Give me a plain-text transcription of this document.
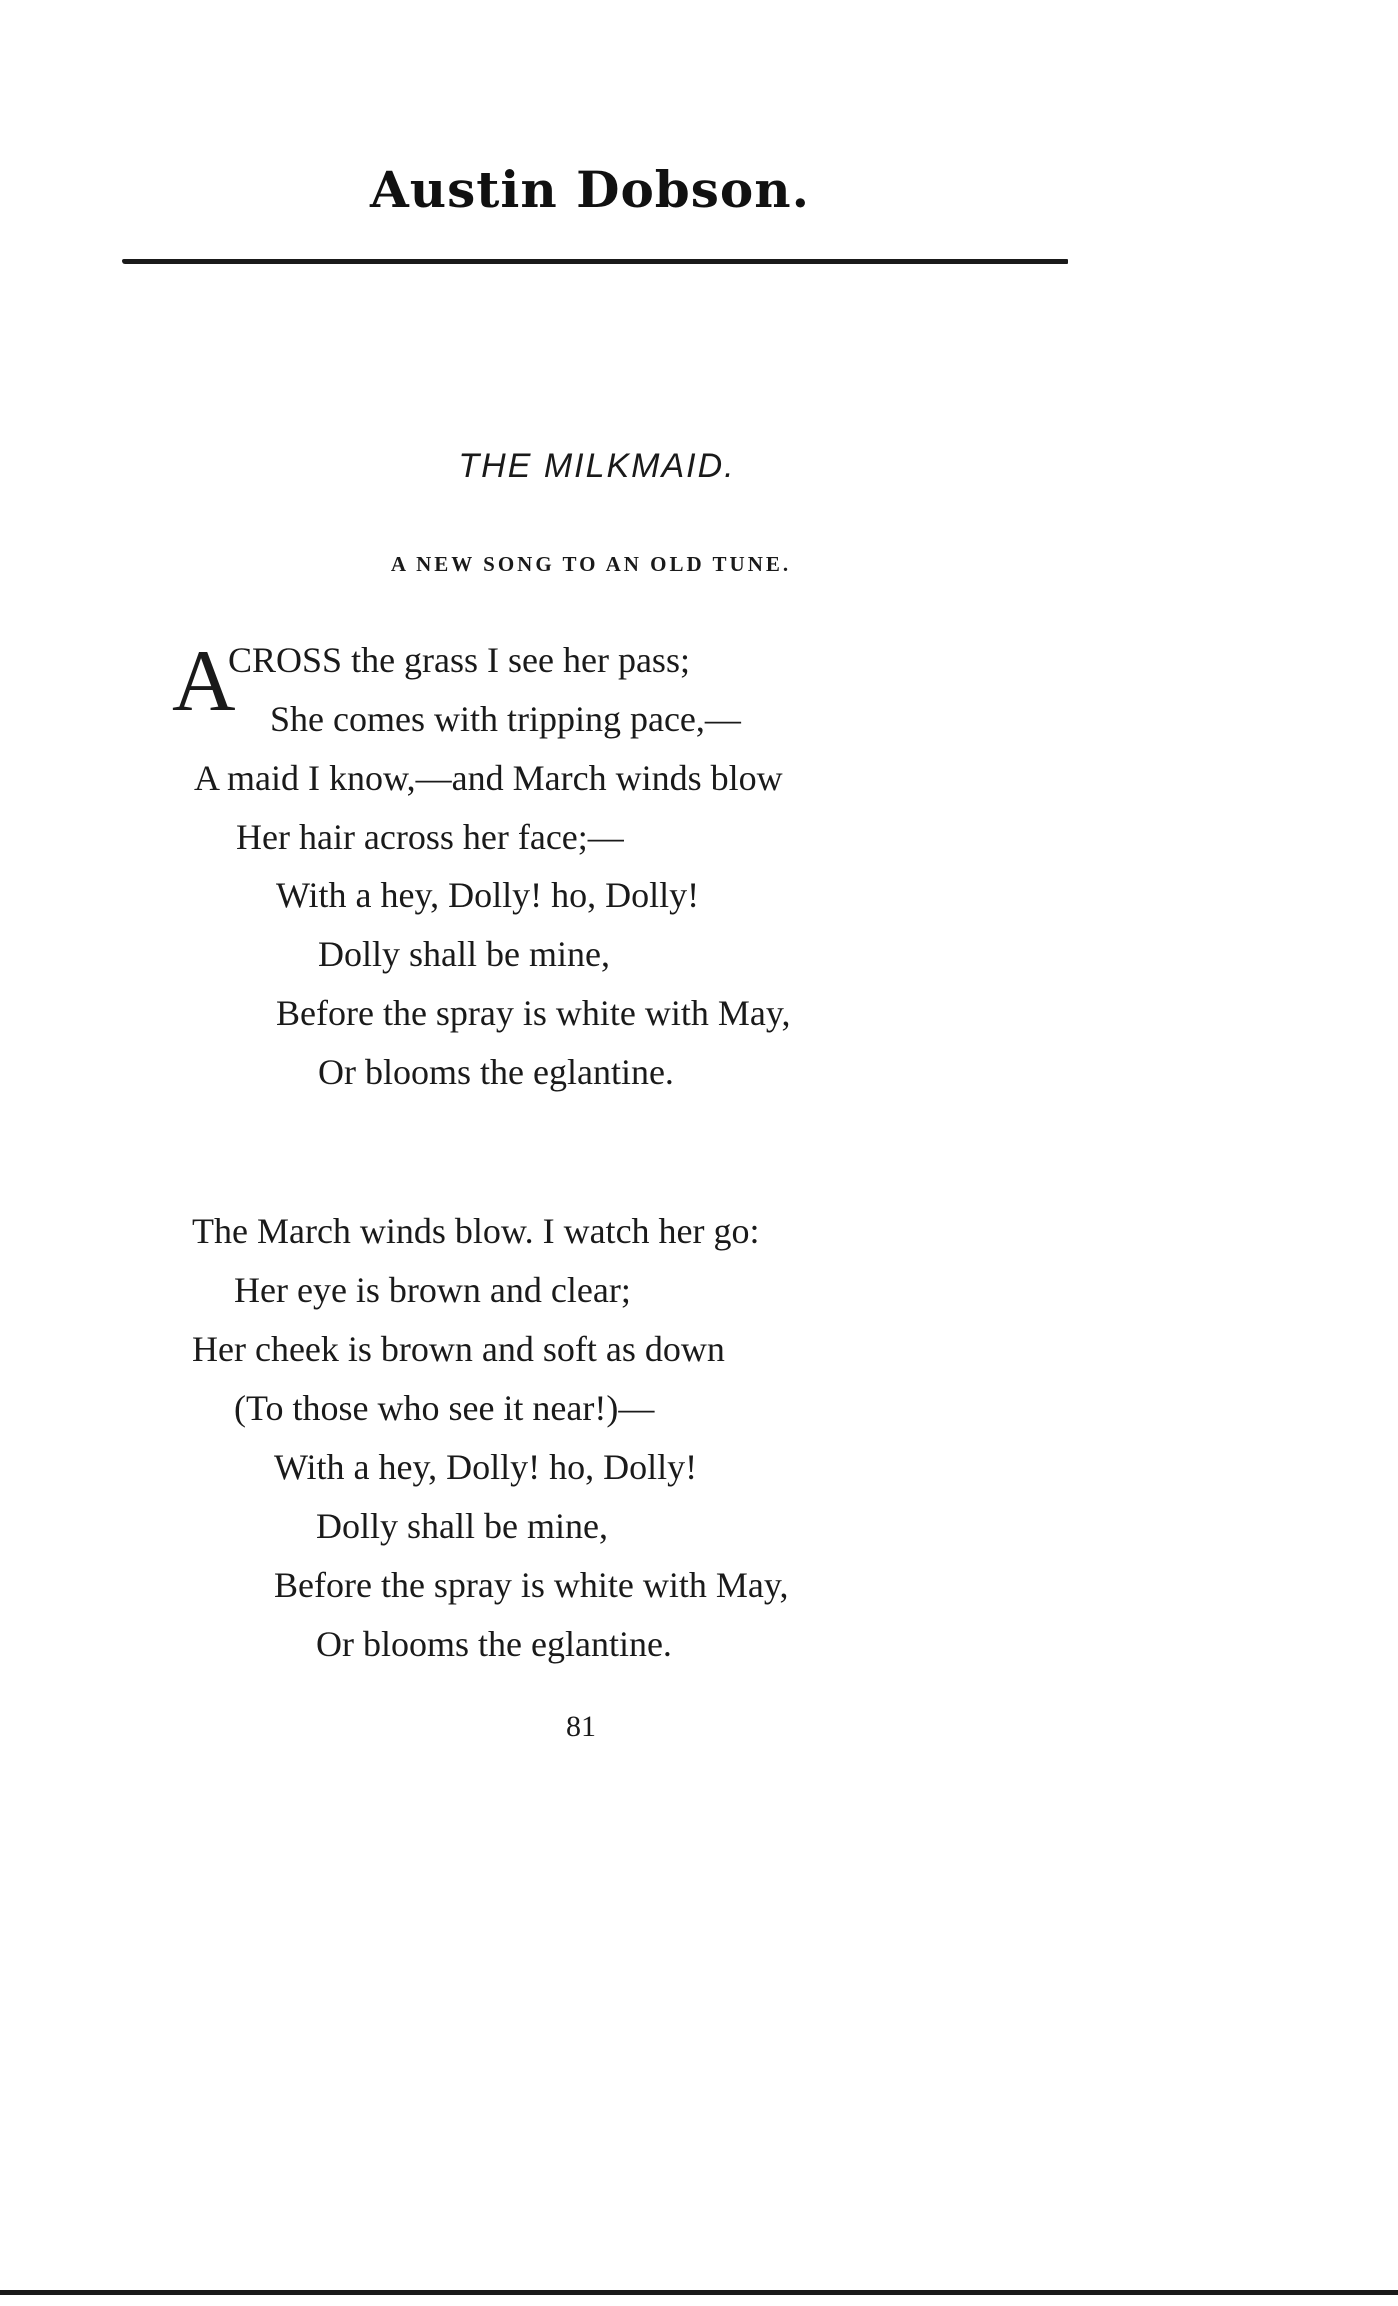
Austin Dobson.
THE MILKMAID.
A NEW SONG TO AN OLD TUNE.
A
CROSS the grass I see her pass;
She comes with tripping pace,—
A maid I know,—and March winds blow
Her hair across her face;—
With a hey, Dolly! ho, Dolly!
Dolly shall be mine,
Before the spray is white with May,
Or blooms the eglantine.
The March winds blow. I watch her go:
Her eye is brown and clear;
Her cheek is brown and soft as down
(To those who see it near!)—
With a hey, Dolly! ho, Dolly!
Dolly shall be mine,
Before the spray is white with May,
Or blooms the eglantine.
81
